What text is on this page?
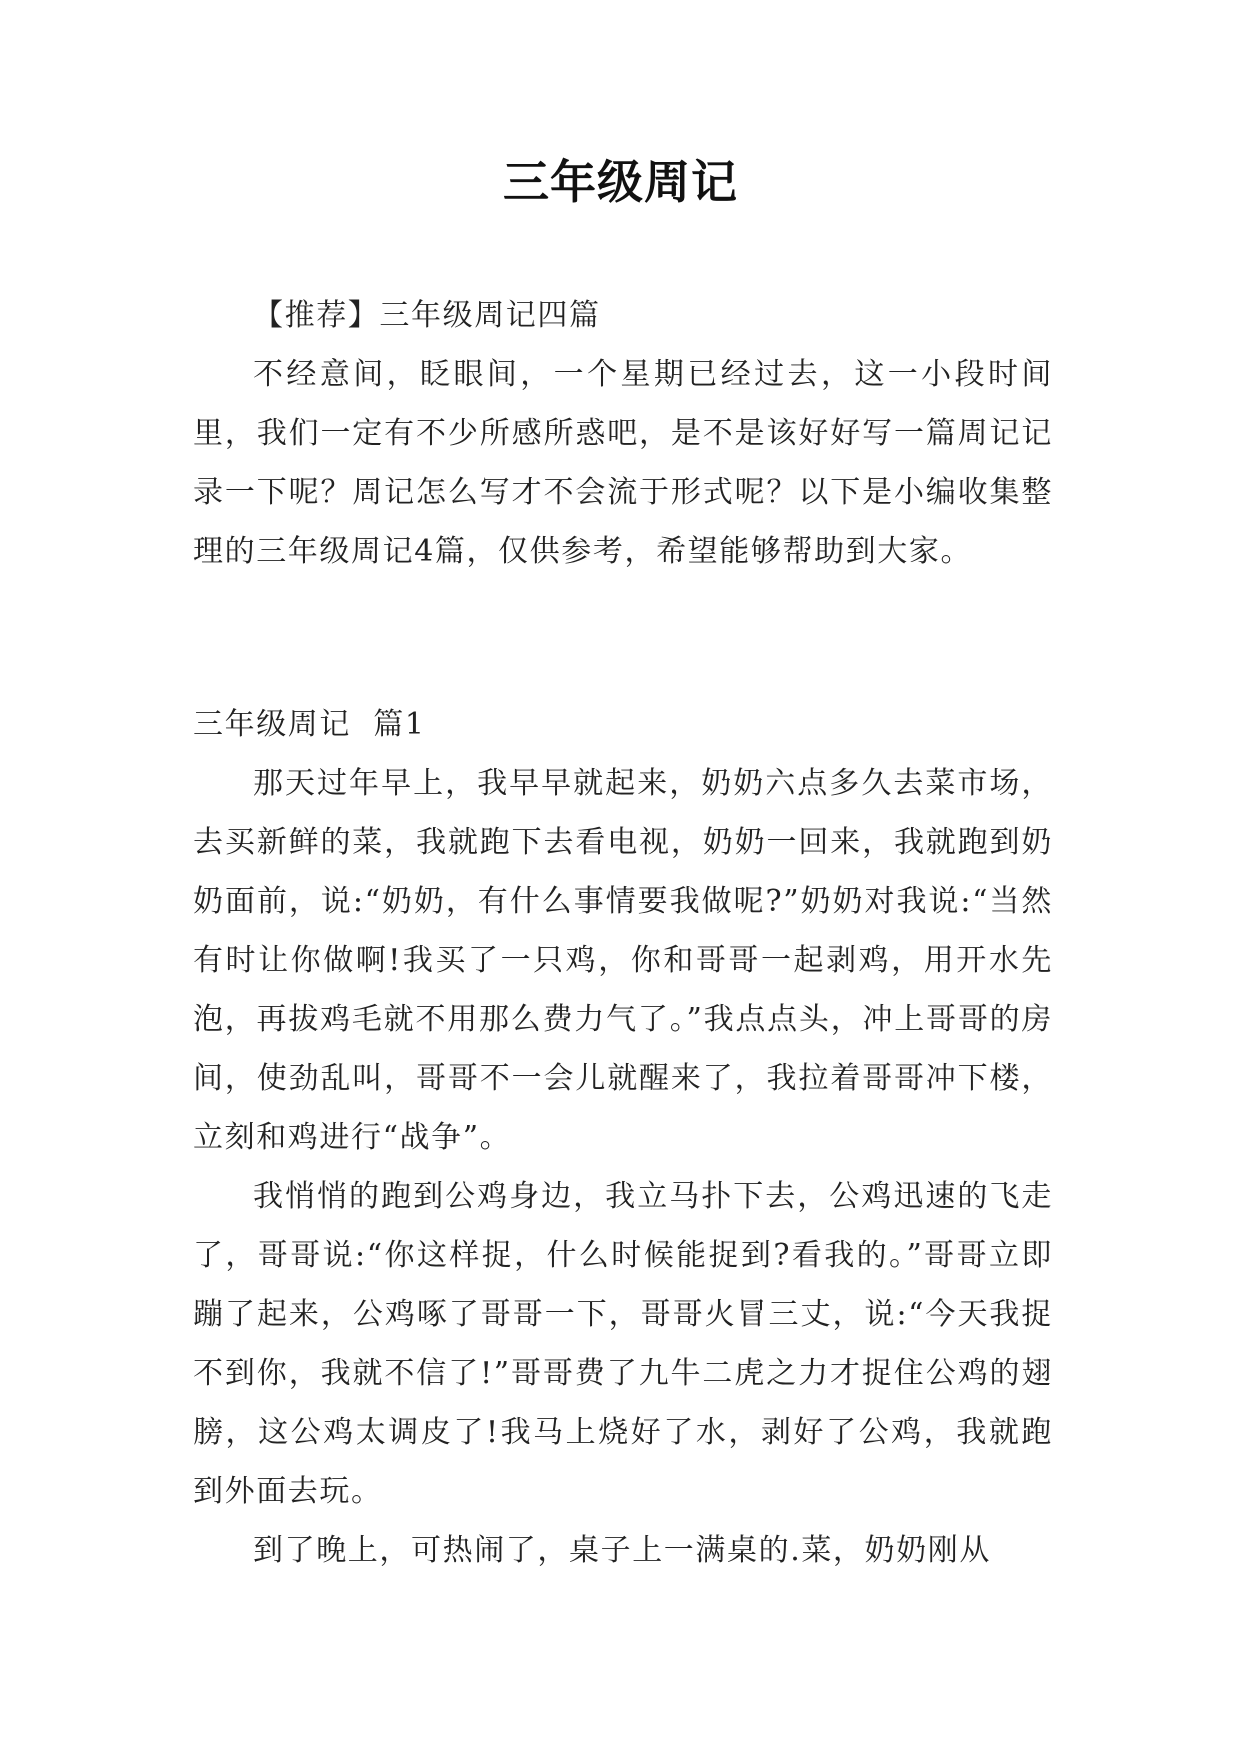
三年级周记

【推荐】三年级周记四篇

不经意间，眨眼间，一个星期已经过去，这一小段时间里，我们一定有不少所感所惑吧，是不是该好好写一篇周记记录一下呢？周记怎么写才不会流于形式呢？以下是小编收集整理的三年级周记4篇，仅供参考，希望能够帮助到大家。

三年级周记  篇1

那天过年早上，我早早就起来，奶奶六点多久去菜市场，去买新鲜的菜，我就跑下去看电视，奶奶一回来，我就跑到奶奶面前，说:“奶奶，有什么事情要我做呢?”奶奶对我说:“当然有时让你做啊!我买了一只鸡，你和哥哥一起剥鸡，用开水先泡，再拔鸡毛就不用那么费力气了。”我点点头，冲上哥哥的房间，使劲乱叫，哥哥不一会儿就醒来了，我拉着哥哥冲下楼，立刻和鸡进行“战争”。

我悄悄的跑到公鸡身边，我立马扑下去，公鸡迅速的飞走了，哥哥说:“你这样捉，什么时候能捉到?看我的。”哥哥立即蹦了起来，公鸡啄了哥哥一下，哥哥火冒三丈，说:“今天我捉不到你，我就不信了!”哥哥费了九牛二虎之力才捉住公鸡的翅膀，这公鸡太调皮了!我马上烧好了水，剥好了公鸡，我就跑到外面去玩。

到了晚上，可热闹了，桌子上一满桌的.菜，奶奶刚从
